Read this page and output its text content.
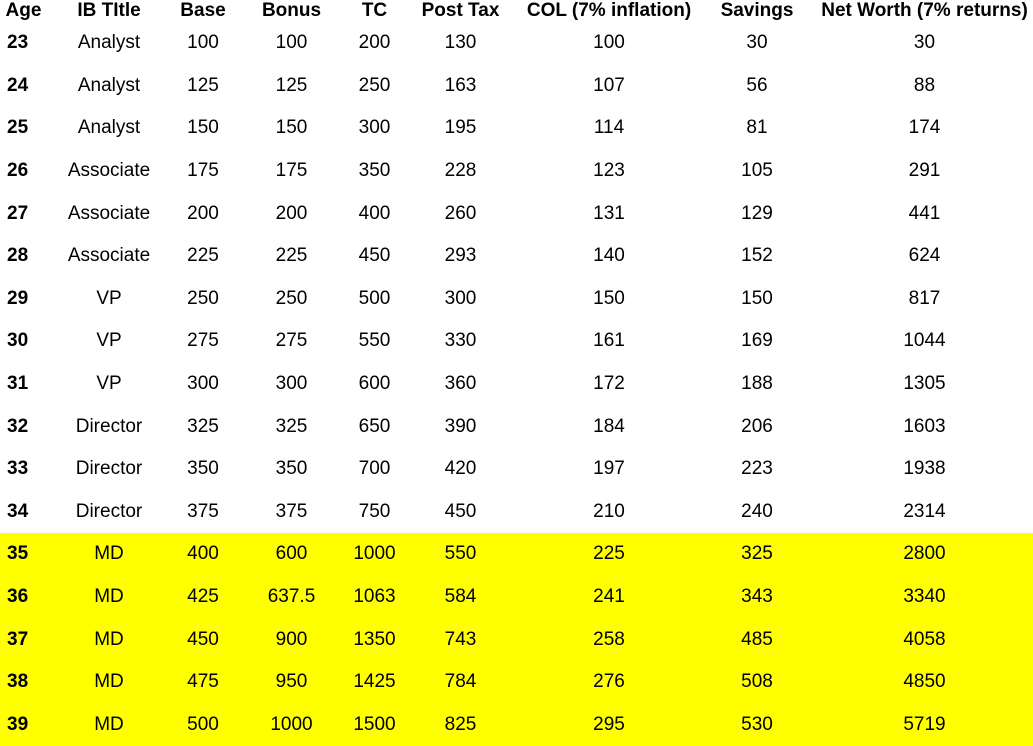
Age	IB TItle	Base	Bonus	TC	Post Tax	COL (7% inflation)	Savings	Net Worth (7% returns)
23	Analyst	100	100	200	130	100	30	30
24	Analyst	125	125	250	163	107	56	88
25	Analyst	150	150	300	195	114	81	174
26	Associate	175	175	350	228	123	105	291
27	Associate	200	200	400	260	131	129	441
28	Associate	225	225	450	293	140	152	624
29	VP	250	250	500	300	150	150	817
30	VP	275	275	550	330	161	169	1044
31	VP	300	300	600	360	172	188	1305
32	Director	325	325	650	390	184	206	1603
33	Director	350	350	700	420	197	223	1938
34	Director	375	375	750	450	210	240	2314
35	MD	400	600	1000	550	225	325	2800
36	MD	425	637.5	1063	584	241	343	3340
37	MD	450	900	1350	743	258	485	4058
38	MD	475	950	1425	784	276	508	4850
39	MD	500	1000	1500	825	295	530	5719
